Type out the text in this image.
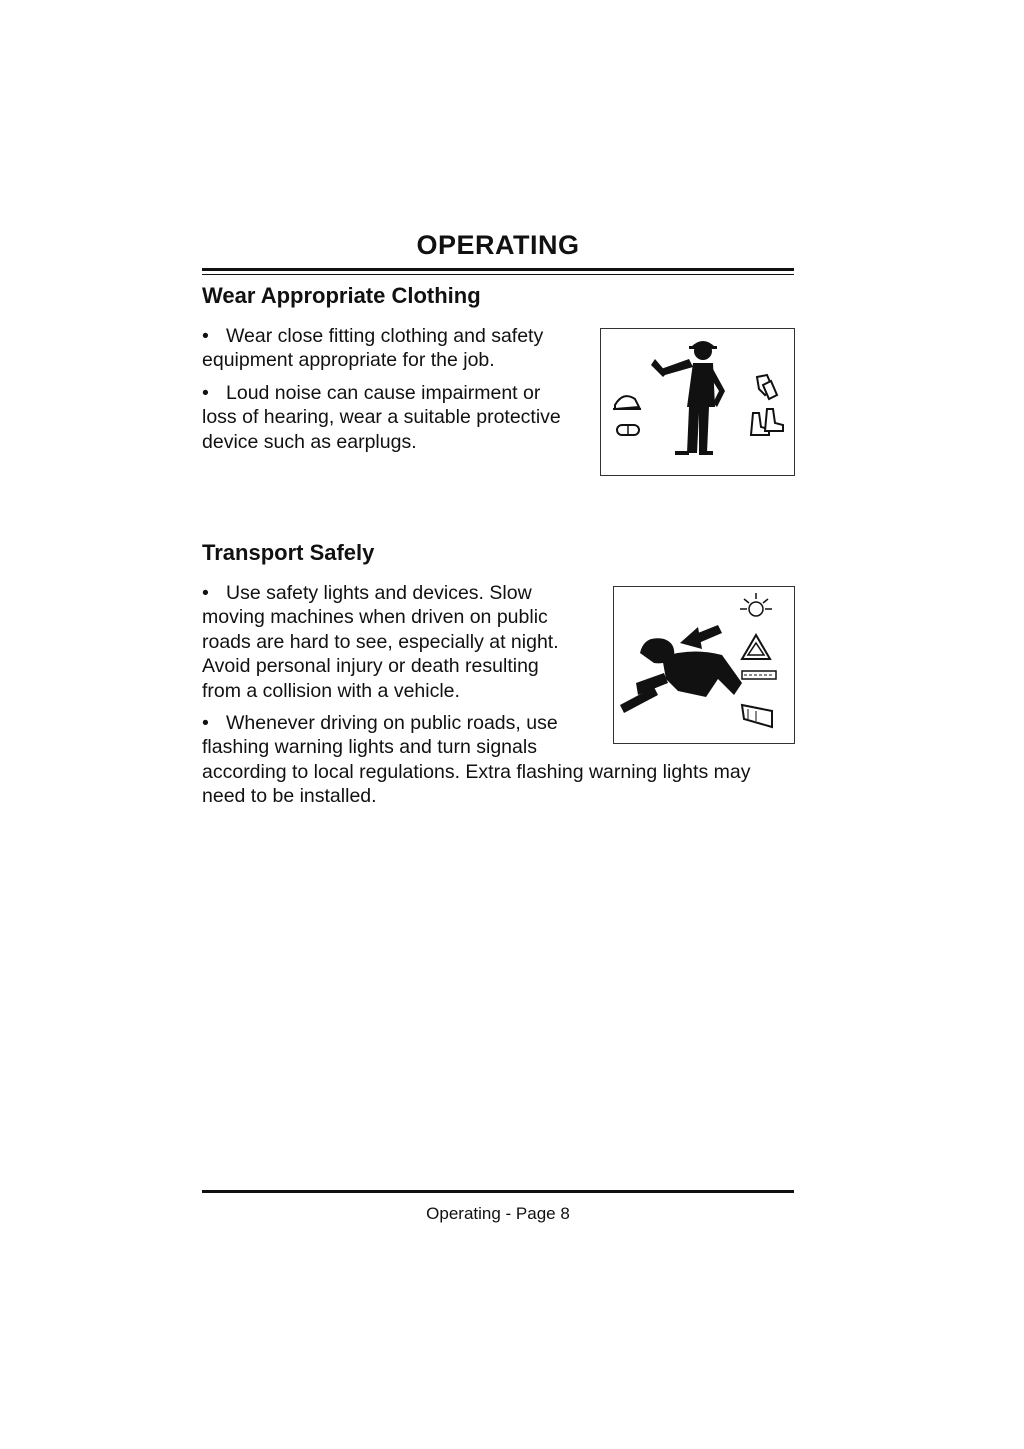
OPERATING
Wear Appropriate Clothing
• Wear close fitting clothing and safety
equipment appropriate for the job.
• Loud noise can cause impairment or
loss of hearing, wear a suitable protective
device such as earplugs.
Transport Safely
• Use safety lights and devices. Slow
moving machines when driven on public
roads are hard to see, especially at night.
Avoid personal injury or death resulting
from a collision with a vehicle.
• Whenever driving on public roads, use
flashing warning lights and turn signals
according to local regulations. Extra flashing warning lights may
need to be installed.
Operating - Page 8
